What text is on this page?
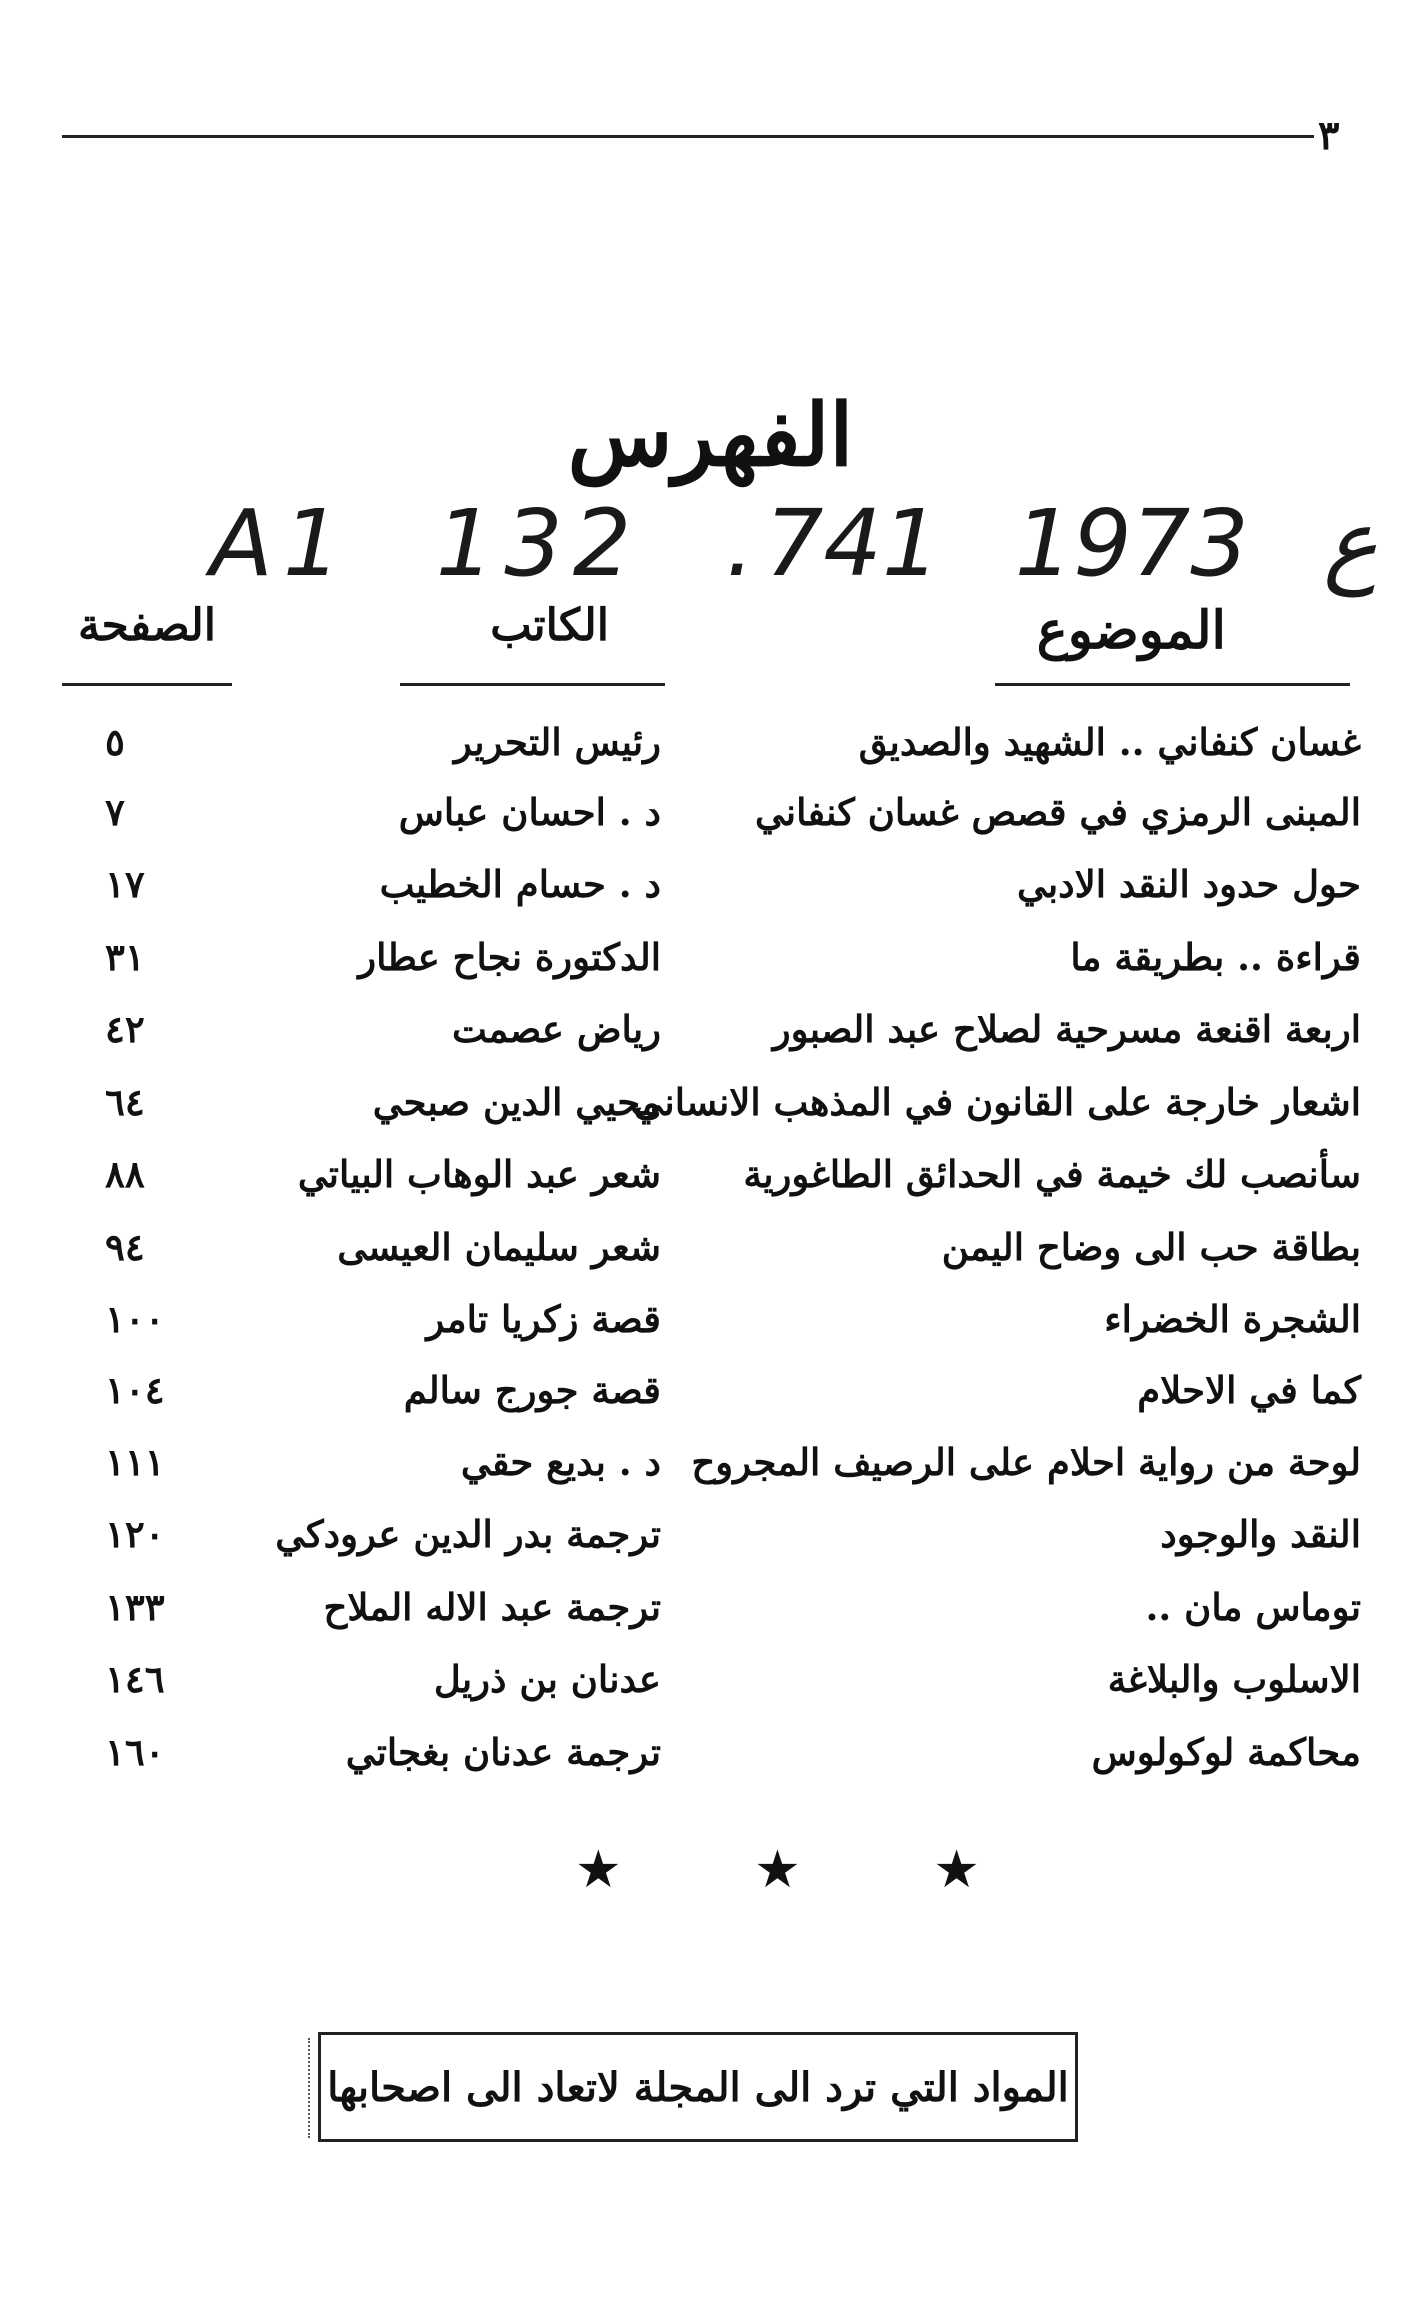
٣
الفهرس
A1 132 .ع 1973 741
الموضوع
الكاتب
الصفحة
غسان كنفاني .. الشهيد والصديق
رئيس التحرير
٥
المبنى الرمزي في قصص غسان كنفاني
د . احسان عباس
٧
حول حدود النقد الادبي
د . حسام الخطيب
١٧
قراءة .. بطريقة ما
الدكتورة نجاح عطار
٣١
اربعة اقنعة مسرحية لصلاح عبد الصبور
رياض عصمت
٤٢
اشعار خارجة على القانون في المذهب الانساني
محيي الدين صبحي
٦٤
سأنصب لك خيمة في الحدائق الطاغورية
شعر عبد الوهاب البياتي
٨٨
بطاقة حب الى وضاح اليمن
شعر سليمان العيسى
٩٤
الشجرة الخضراء
قصة زكريا تامر
١٠٠
كما في الاحلام
قصة جورج سالم
١٠٤
لوحة من رواية احلام على الرصيف المجروح
د . بديع حقي
١١١
النقد والوجود
ترجمة بدر الدين عرودكي
١٢٠
توماس مان ..
ترجمة عبد الاله الملاح
١٣٣
الاسلوب والبلاغة
عدنان بن ذريل
١٤٦
محاكمة لوكولوس
ترجمة عدنان بغجاتي
١٦٠
★ ★ ★
المواد التي ترد الى المجلة لاتعاد الى اصحابها
